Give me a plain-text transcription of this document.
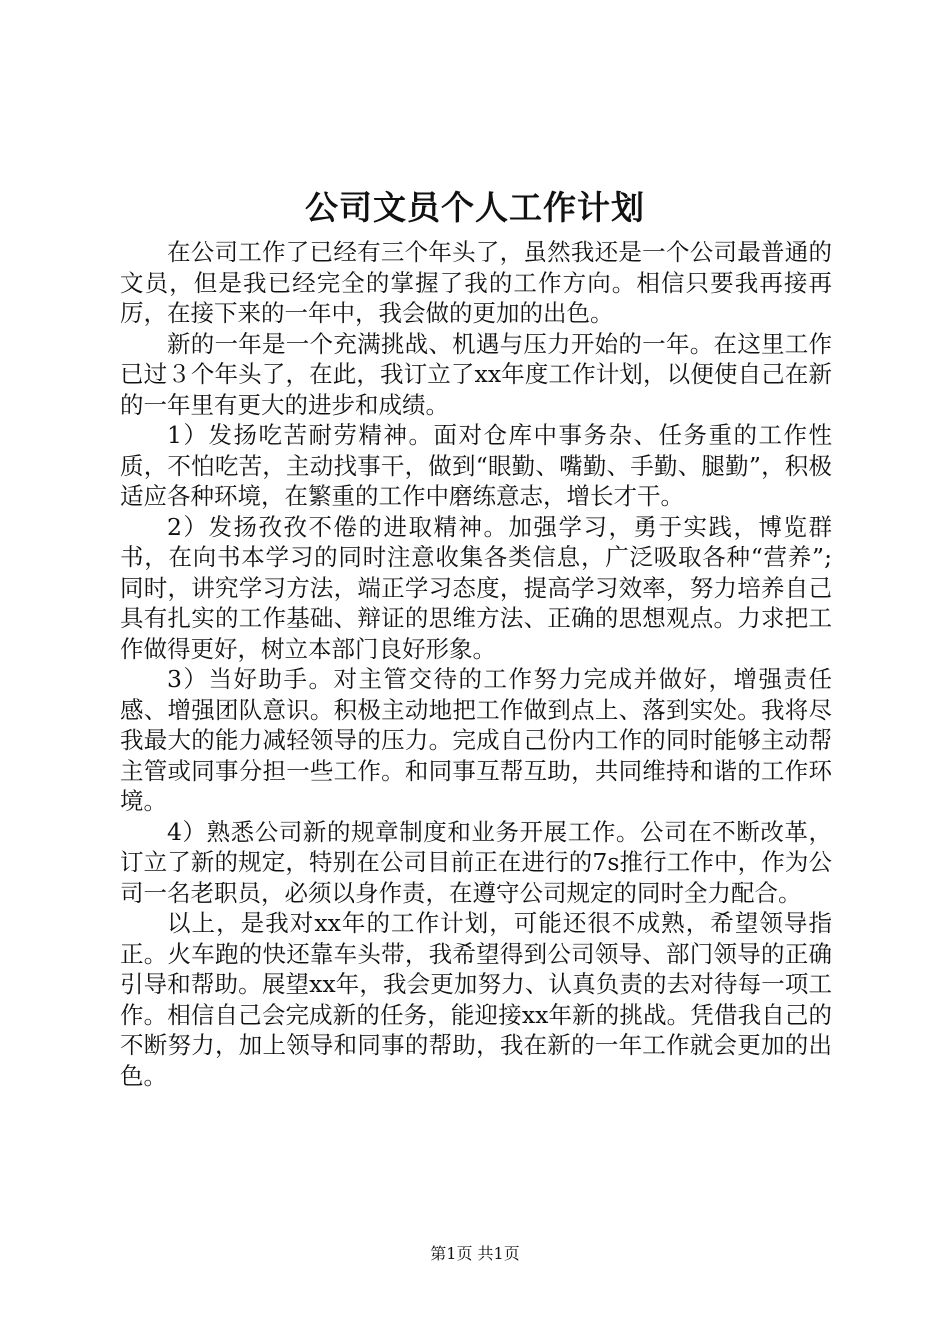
公司文员个人工作计划

在公司工作了已经有三个年头了，虽然我还是一个公司最普通的文员，但是我已经完全的掌握了我的工作方向。相信只要我再接再厉，在接下来的一年中，我会做的更加的出色。

新的一年是一个充满挑战、机遇与压力开始的一年。在这里工作已过３个年头了，在此，我订立了xx年度工作计划，以便使自己在新的一年里有更大的进步和成绩。

1）发扬吃苦耐劳精神。面对仓库中事务杂、任务重的工作性质，不怕吃苦，主动找事干，做到“眼勤、嘴勤、手勤、腿勤”，积极适应各种环境，在繁重的工作中磨练意志，增长才干。

2）发扬孜孜不倦的进取精神。加强学习，勇于实践，博览群书，在向书本学习的同时注意收集各类信息，广泛吸取各种“营养”;同时，讲究学习方法，端正学习态度，提高学习效率，努力培养自己具有扎实的工作基础、辩证的思维方法、正确的思想观点。力求把工作做得更好，树立本部门良好形象。

3）当好助手。对主管交待的工作努力完成并做好，增强责任感、增强团队意识。积极主动地把工作做到点上、落到实处。我将尽我最大的能力减轻领导的压力。完成自己份内工作的同时能够主动帮主管或同事分担一些工作。和同事互帮互助，共同维持和谐的工作环境。

4）熟悉公司新的规章制度和业务开展工作。公司在不断改革，订立了新的规定，特别在公司目前正在进行的7s推行工作中，作为公司一名老职员，必须以身作责，在遵守公司规定的同时全力配合。

以上，是我对xx年的工作计划，可能还很不成熟，希望领导指正。火车跑的快还靠车头带，我希望得到公司领导、部门领导的正确引导和帮助。展望xx年，我会更加努力、认真负责的去对待每一项工作。相信自己会完成新的任务，能迎接xx年新的挑战。凭借我自己的不断努力，加上领导和同事的帮助，我在新的一年工作就会更加的出色。

第1页 共1页
